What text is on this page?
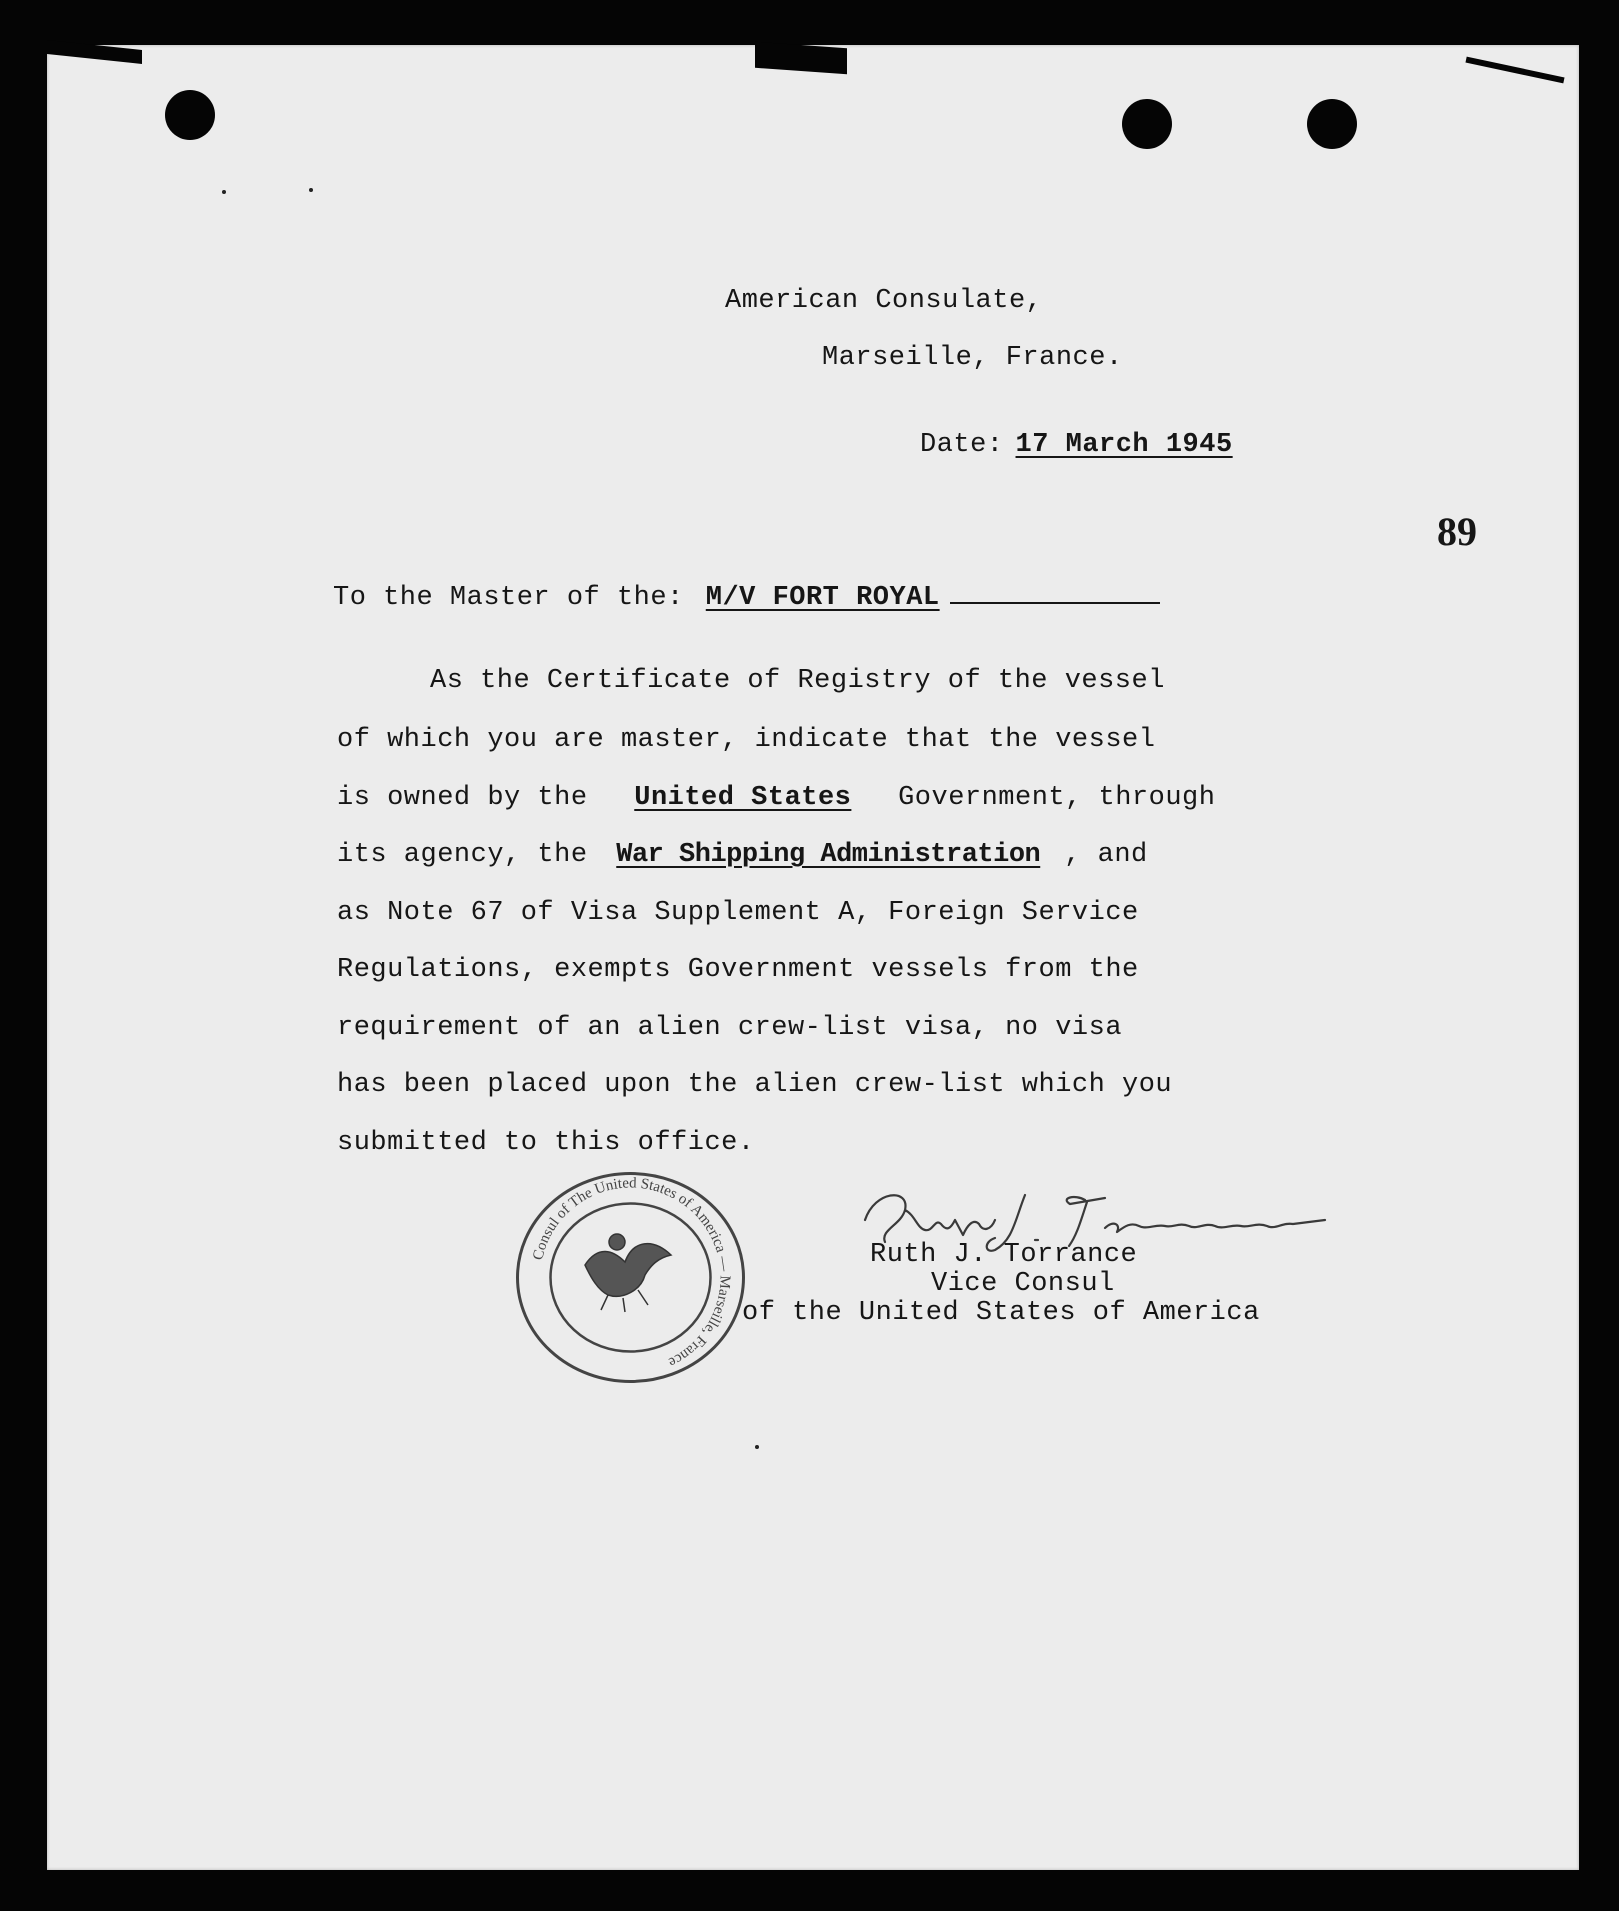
American Consulate,
Marseille, France.
Date: 17 March 1945
89
To the Master of the: M/V FORT ROYAL
As the Certificate of Registry of the vessel
of which you are master, indicate that the vessel
is owned by the United States Government, through
its agency, the War Shipping Administration , and
as Note 67 of Visa Supplement A, Foreign Service
Regulations, exempts Government vessels from the
requirement of an alien crew-list visa, no visa
has been placed upon the alien crew-list which you
submitted to this office.
Consul of The United States of America — Marseille, France
Ruth J. Torrance
Vice Consul
of the United States of America
